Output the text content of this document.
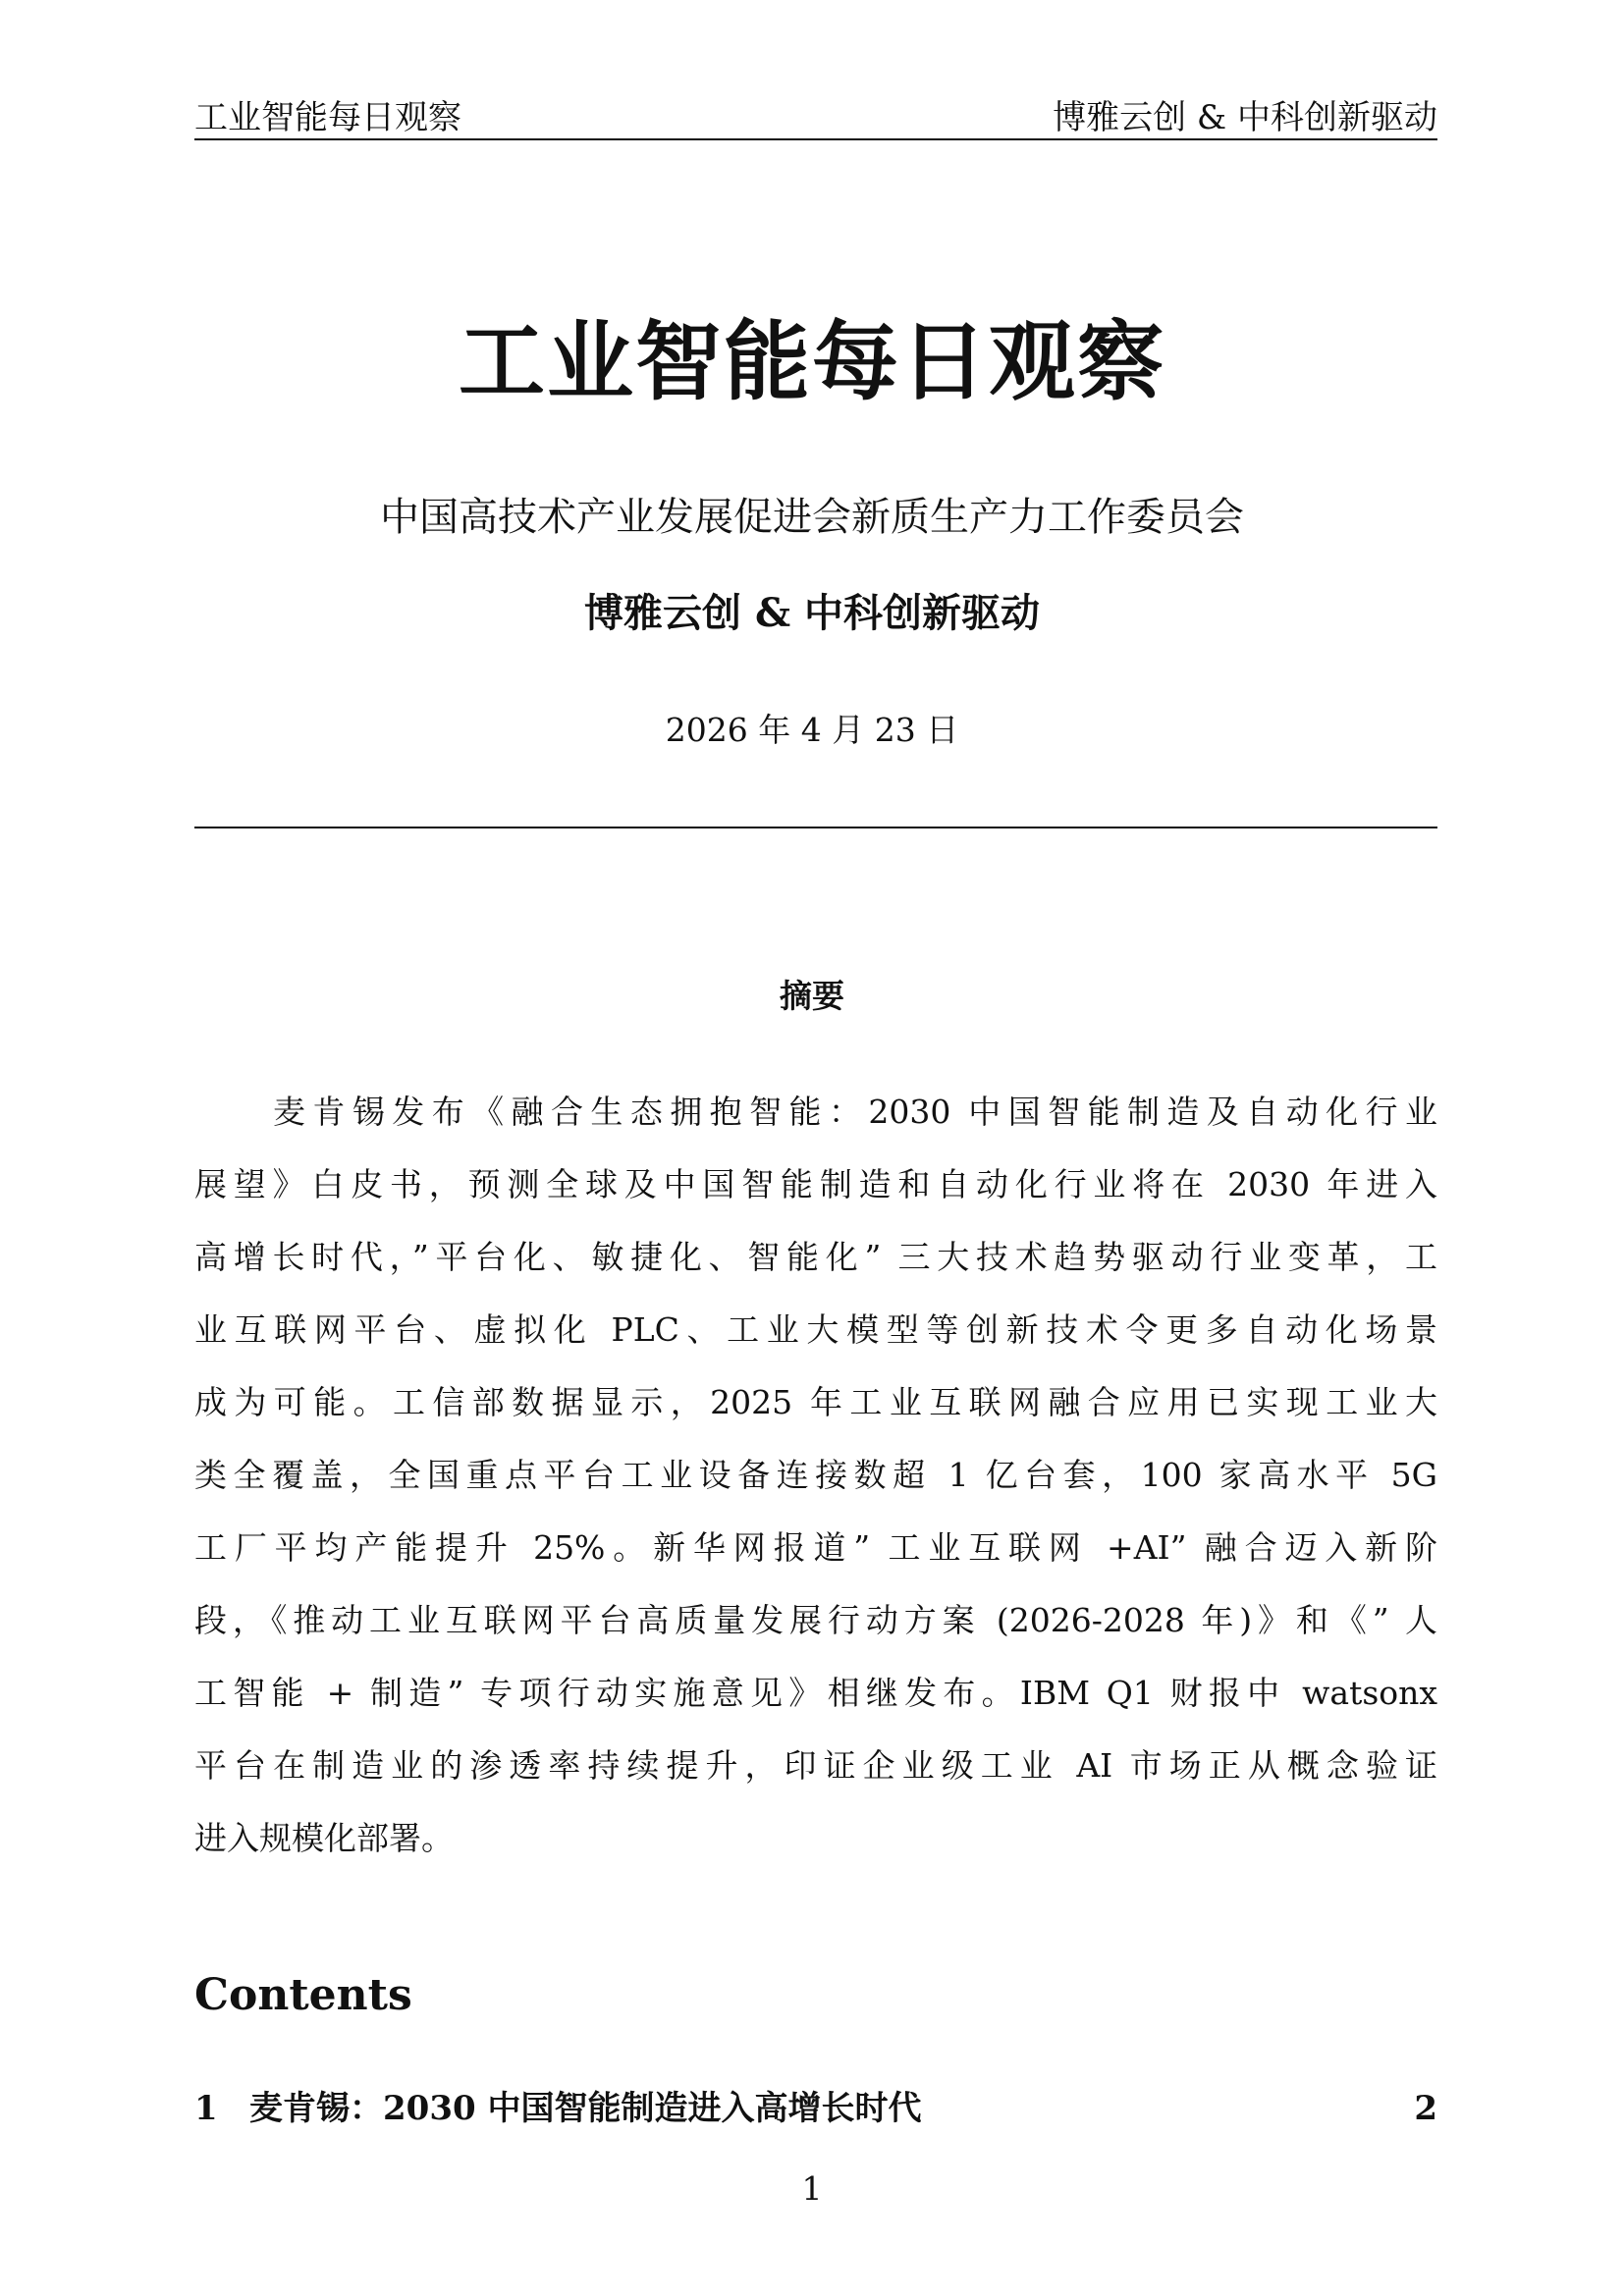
工业智能每日观察	博雅云创 & 中科创新驱动
工业智能每日观察
中国高技术产业发展促进会新质生产力工作委员会
博雅云创 & 中科创新驱动
2026 年 4 月 23 日
摘要
麦肯锡发布《融合生态拥抱智能：2030 中国智能制造及自动化行业
展望》白皮书，预测全球及中国智能制造和自动化行业将在 2030 年进入
高增长时代，”平台化、敏捷化、智能化” 三大技术趋势驱动行业变革，工
业互联网平台、虚拟化 PLC、工业大模型等创新技术令更多自动化场景
成为可能。工信部数据显示，2025 年工业互联网融合应用已实现工业大
类全覆盖，全国重点平台工业设备连接数超 1 亿台套，100 家高水平 5G
工厂平均产能提升 25%。新华网报道” 工业互联网 +AI” 融合迈入新阶
段，《推动工业互联网平台高质量发展行动方案 (2026-2028 年)》和《” 人
工智能 + 制造” 专项行动实施意见》相继发布。IBM Q1 财报中 watsonx
平台在制造业的渗透率持续提升，印证企业级工业 AI 市场正从概念验证
进入规模化部署。
Contents
1 麦肯锡：2030 中国智能制造进入高增长时代	2
1
